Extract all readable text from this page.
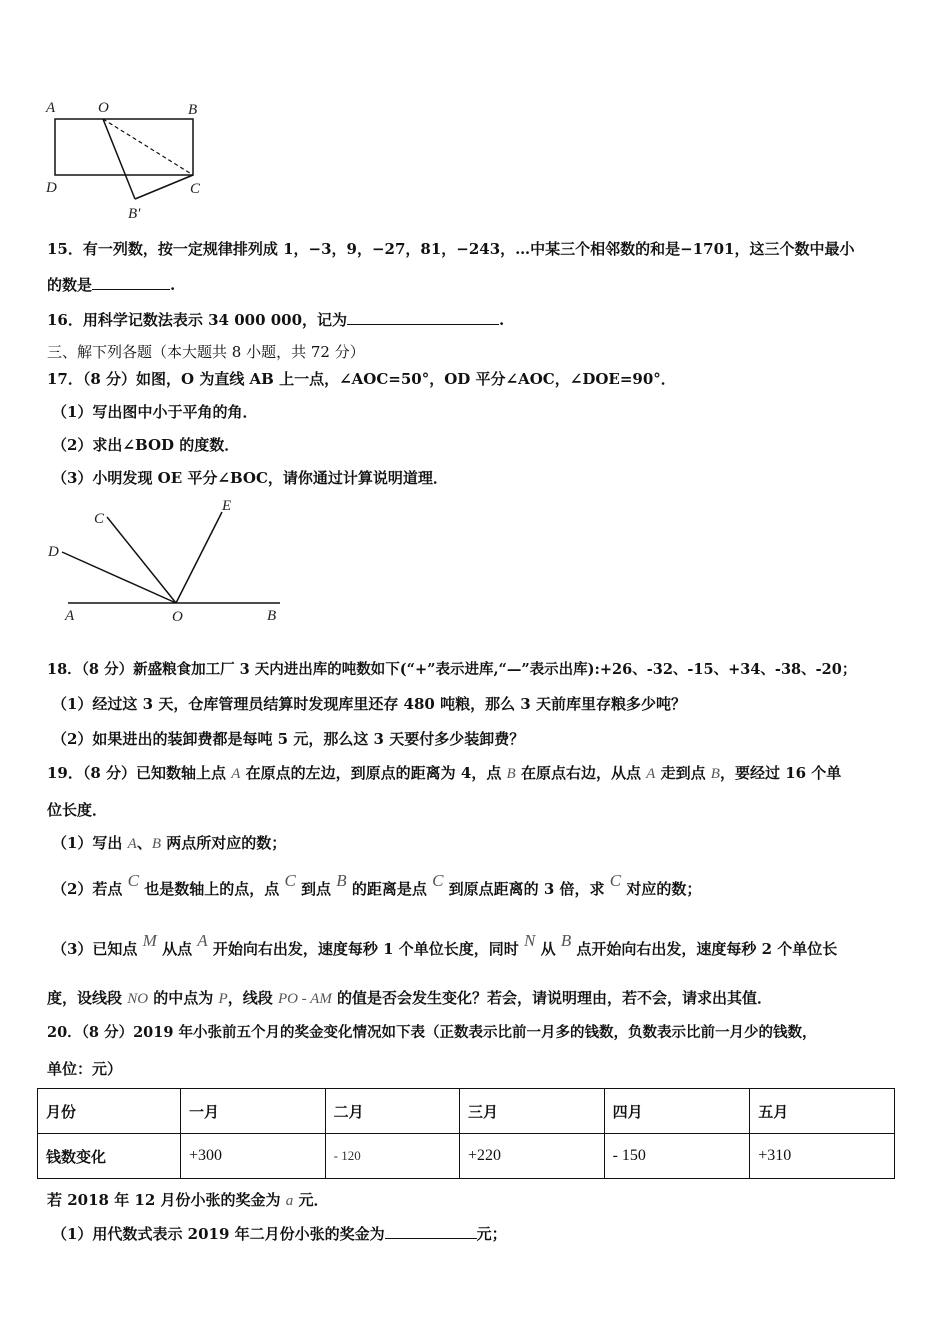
A	O	B
D	C
B′
15．有一列数，按一定规律排列成 1，−3，9，−27，81，−243，…中某三个相邻数的和是−1701，这三个数中最小
的数是	.
16．用科学记数法表示 34 000 000，记为	.
三、解下列各题（本大题共 8 小题，共 72 分）
17．（8 分）如图，O 为直线 AB 上一点，∠AOC=50°，OD 平分∠AOC，∠DOE=90°．
（1）写出图中小于平角的角．
（2）求出∠BOD 的度数．
（3）小明发现 OE 平分∠BOC，请你通过计算说明道理．
C
E
D
A	O	B
18．（8 分）新盛粮食加工厂 3 天内进出库的吨数如下(“+”表示进库,“—”表示出库):+26、-32、-15、+34、-38、-20；
（1）经过这 3 天，仓库管理员结算时发现库里还存 480 吨粮，那么 3 天前库里存粮多少吨？
（2）如果进出的装卸费都是每吨 5 元，那么这 3 天要付多少装卸费？
19．（8 分）已知数轴上点 A 在原点的左边，到原点的距离为 4，点 B 在原点右边，从点 A 走到点 B，要经过 16 个单
位长度．
（1）写出 A、B 两点所对应的数；
（2）若点 C 也是数轴上的点，点 C 到点 B 的距离是点 C 到原点距离的 3 倍，求 C 对应的数；
（3）已知点 M 从点 A 开始向右出发，速度每秒 1 个单位长度，同时 N 从 B 点开始向右出发，速度每秒 2 个单位长
度，设线段 NO 的中点为 P，线段 PO - AM 的值是否会发生变化？若会，请说明理由，若不会，请求出其值．
20．（8 分）2019 年小张前五个月的奖金变化情况如下表（正数表示比前一月多的钱数，负数表示比前一月少的钱数，
单位：元）
月份	一月	二月	三月	四月	五月
钱数变化	+300	- 120	+220	- 150	+310
若 2018 年 12 月份小张的奖金为 a 元．
（1）用代数式表示 2019 年二月份小张的奖金为	元；
